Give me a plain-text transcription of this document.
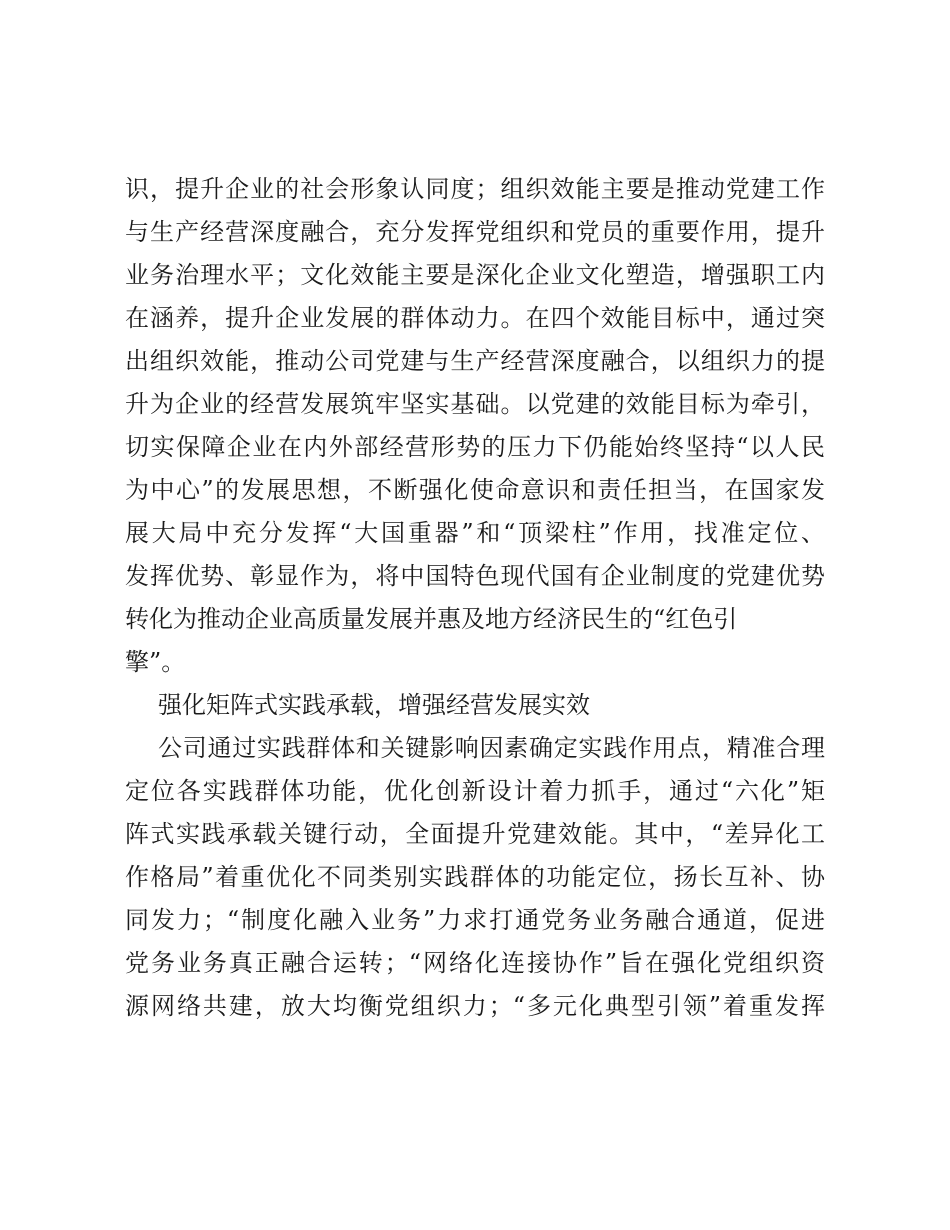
识，提升企业的社会形象认同度；组织效能主要是推动党建工作
与生产经营深度融合，充分发挥党组织和党员的重要作用，提升
业务治理水平；文化效能主要是深化企业文化塑造，增强职工内
在涵养，提升企业发展的群体动力。在四个效能目标中，通过突
出组织效能，推动公司党建与生产经营深度融合，以组织力的提
升为企业的经营发展筑牢坚实基础。以党建的效能目标为牵引，
切实保障企业在内外部经营形势的压力下仍能始终坚持“以人民
为中心”的发展思想，不断强化使命意识和责任担当，在国家发
展大局中充分发挥“大国重器”和“顶梁柱”作用，找准定位、
发挥优势、彰显作为，将中国特色现代国有企业制度的党建优势
转化为推动企业高质量发展并惠及地方经济民生的“红色引
擎”。
强化矩阵式实践承载，增强经营发展实效
公司通过实践群体和关键影响因素确定实践作用点，精准合理
定位各实践群体功能，优化创新设计着力抓手，通过“六化”矩
阵式实践承载关键行动，全面提升党建效能。其中，“差异化工
作格局”着重优化不同类别实践群体的功能定位，扬长互补、协
同发力；“制度化融入业务”力求打通党务业务融合通道，促进
党务业务真正融合运转；“网络化连接协作”旨在强化党组织资
源网络共建，放大均衡党组织力；“多元化典型引领”着重发挥
